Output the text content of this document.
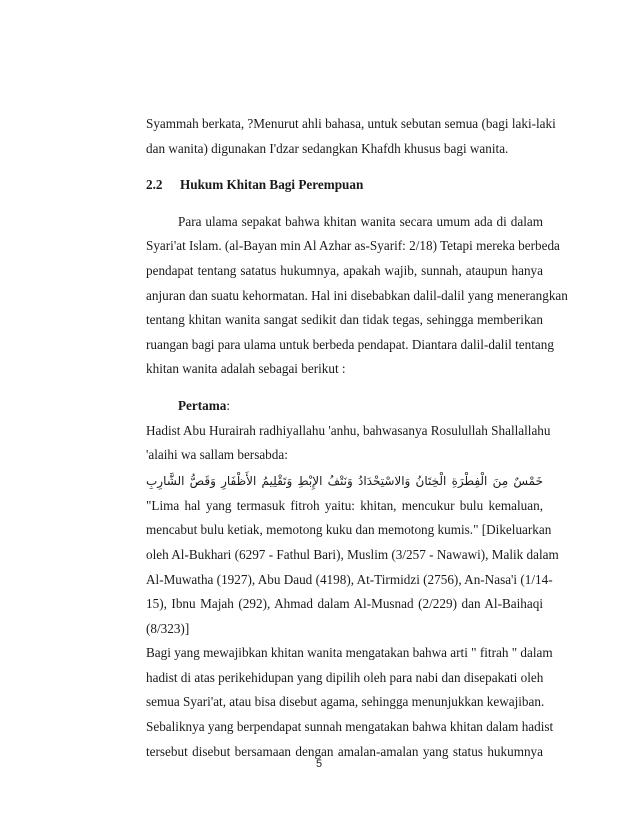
Syammah berkata, ?Menurut ahli bahasa, untuk sebutan semua (bagi laki-laki
dan wanita) digunakan I'dzar sedangkan Khafdh khusus bagi wanita.
2.2	Hukum Khitan Bagi Perempuan
Para ulama sepakat bahwa khitan wanita secara umum ada di dalam
Syari'at Islam. (al-Bayan min Al Azhar as-Syarif: 2/18) Tetapi mereka berbeda
pendapat tentang satatus hukumnya, apakah wajib, sunnah, ataupun hanya
anjuran dan suatu kehormatan. Hal ini disebabkan dalil-dalil yang menerangkan
tentang khitan wanita sangat sedikit dan tidak tegas, sehingga memberikan
ruangan bagi para ulama untuk berbeda pendapat. Diantara dalil-dalil tentang
khitan wanita adalah sebagai berikut :
Pertama:
Hadist Abu Hurairah radhiyallahu 'anhu, bahwasanya Rosulullah Shallallahu
'alaihi wa sallam bersabda:
خَمْسٌ مِنَ الْفِطْرَةِ الْخِتَانُ وَالاسْتِحْدَادُ وَنَتْفُ الإِبْطِ وَتَقْلِيمُ الأَظْفَارِ وَقَصُّ الشَّارِبِ
"Lima hal yang termasuk fitroh yaitu: khitan, mencukur bulu kemaluan,
mencabut bulu ketiak, memotong kuku dan memotong kumis." [Dikeluarkan
oleh Al-Bukhari (6297 - Fathul Bari), Muslim (3/257 - Nawawi), Malik dalam
Al-Muwatha (1927), Abu Daud (4198), At-Tirmidzi (2756), An-Nasa'i (1/14-
15), Ibnu Majah (292), Ahmad dalam Al-Musnad (2/229) dan Al-Baihaqi
(8/323)]
Bagi yang mewajibkan khitan wanita mengatakan bahwa arti " fitrah " dalam
hadist di atas perikehidupan yang dipilih oleh para nabi dan disepakati oleh
semua Syari'at, atau bisa disebut agama, sehingga menunjukkan kewajiban.
Sebaliknya yang berpendapat sunnah mengatakan bahwa khitan dalam hadist
tersebut disebut bersamaan dengan amalan-amalan yang status hukumnya
5
